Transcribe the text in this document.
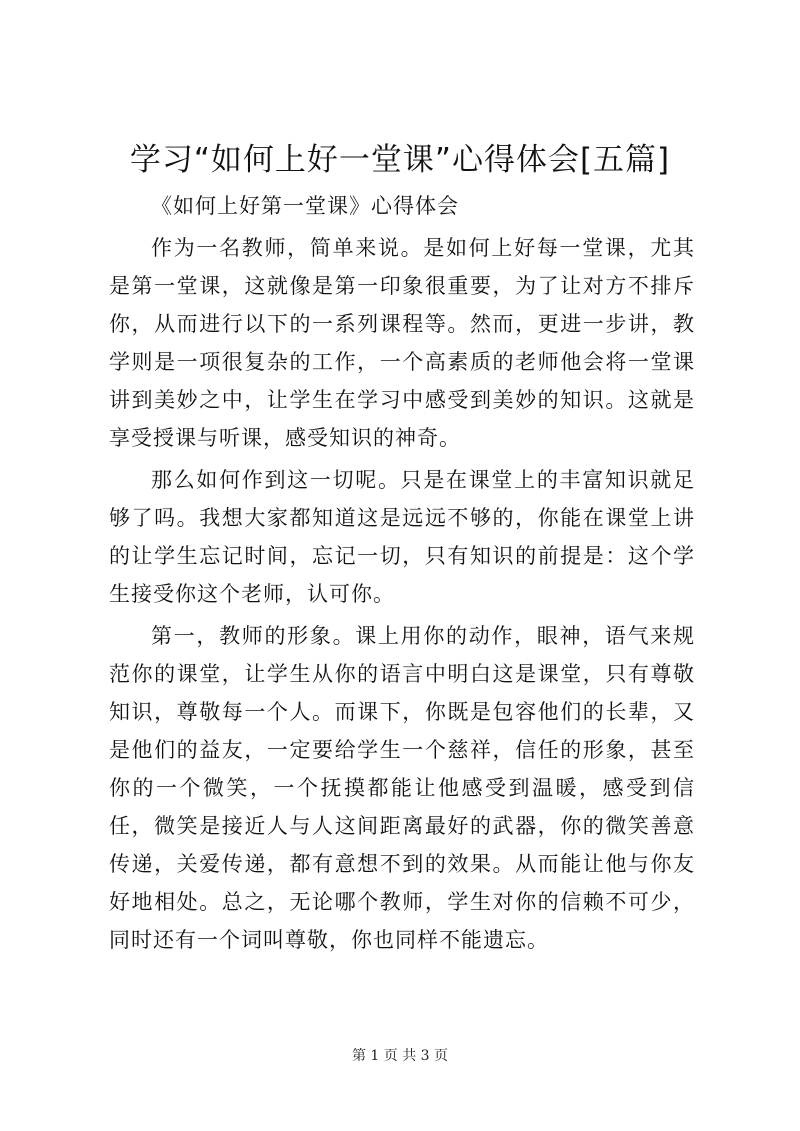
学习“如何上好一堂课”心得体会[五篇]

《如何上好第一堂课》心得体会

作为一名教师，简单来说。是如何上好每一堂课，尤其是第一堂课，这就像是第一印象很重要，为了让对方不排斥你，从而进行以下的一系列课程等。然而，更进一步讲，教学则是一项很复杂的工作，一个高素质的老师他会将一堂课讲到美妙之中，让学生在学习中感受到美妙的知识。这就是享受授课与听课，感受知识的神奇。

那么如何作到这一切呢。只是在课堂上的丰富知识就足够了吗。我想大家都知道这是远远不够的，你能在课堂上讲的让学生忘记时间，忘记一切，只有知识的前提是：这个学生接受你这个老师，认可你。

第一，教师的形象。课上用你的动作，眼神，语气来规范你的课堂，让学生从你的语言中明白这是课堂，只有尊敬知识，尊敬每一个人。而课下，你既是包容他们的长辈，又是他们的益友，一定要给学生一个慈祥，信任的形象，甚至你的一个微笑，一个抚摸都能让他感受到温暖，感受到信任，微笑是接近人与人这间距离最好的武器，你的微笑善意传递，关爱传递，都有意想不到的效果。从而能让他与你友好地相处。总之，无论哪个教师，学生对你的信赖不可少，同时还有一个词叫尊敬，你也同样不能遗忘。

第 1 页 共 3 页
